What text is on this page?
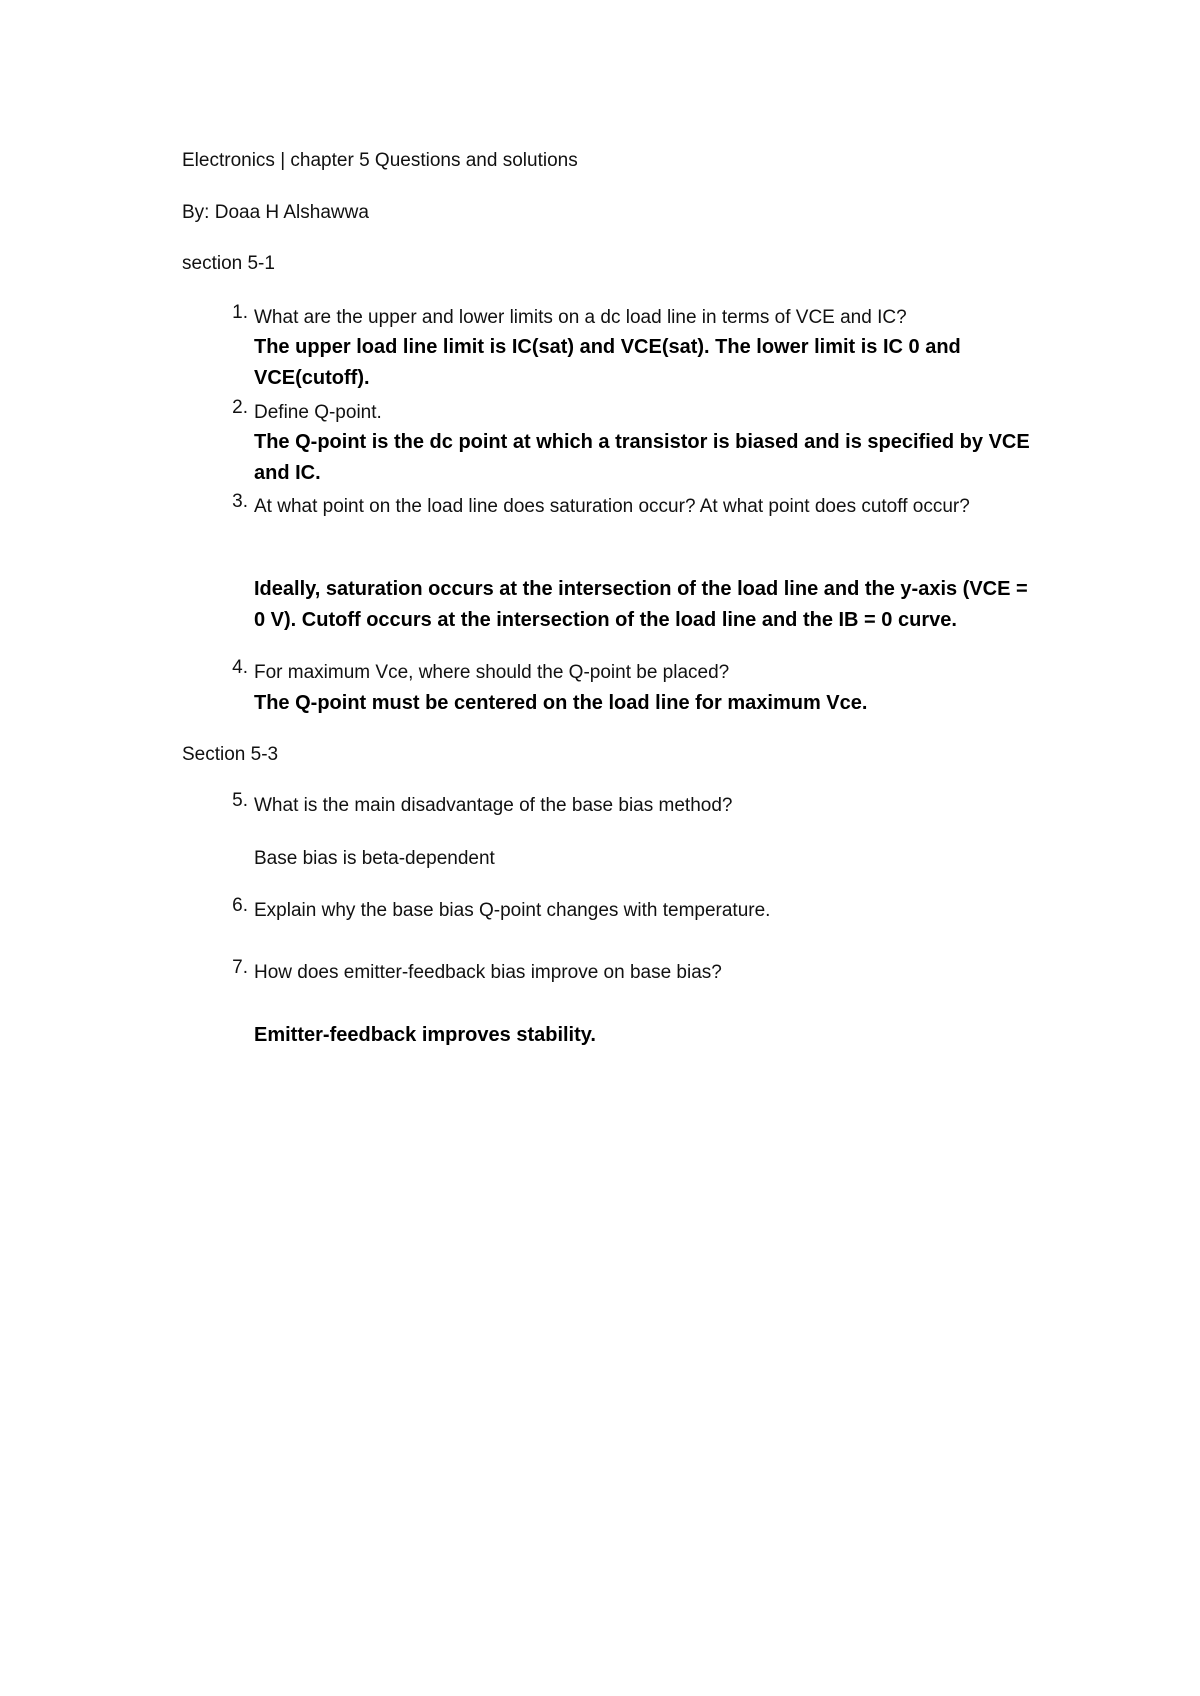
Electronics | chapter 5 Questions and solutions
By: Doaa H Alshawwa
section 5-1
1. What are the upper and lower limits on a dc load line in terms of VCE and IC?
The upper load line limit is IC(sat) and VCE(sat). The lower limit is IC 0 and VCE(cutoff).
2. Define Q-point.
The Q-point is the dc point at which a transistor is biased and is specified by VCE and IC.
3. At what point on the load line does saturation occur? At what point does cutoff occur?
Ideally, saturation occurs at the intersection of the load line and the y-axis (VCE = 0 V). Cutoff occurs at the intersection of the load line and the IB = 0 curve.
4. For maximum Vce, where should the Q-point be placed?
The Q-point must be centered on the load line for maximum Vce.
Section 5-3
5. What is the main disadvantage of the base bias method?
Base bias is beta-dependent
6. Explain why the base bias Q-point changes with temperature.
7. How does emitter-feedback bias improve on base bias?
Emitter-feedback improves stability.
